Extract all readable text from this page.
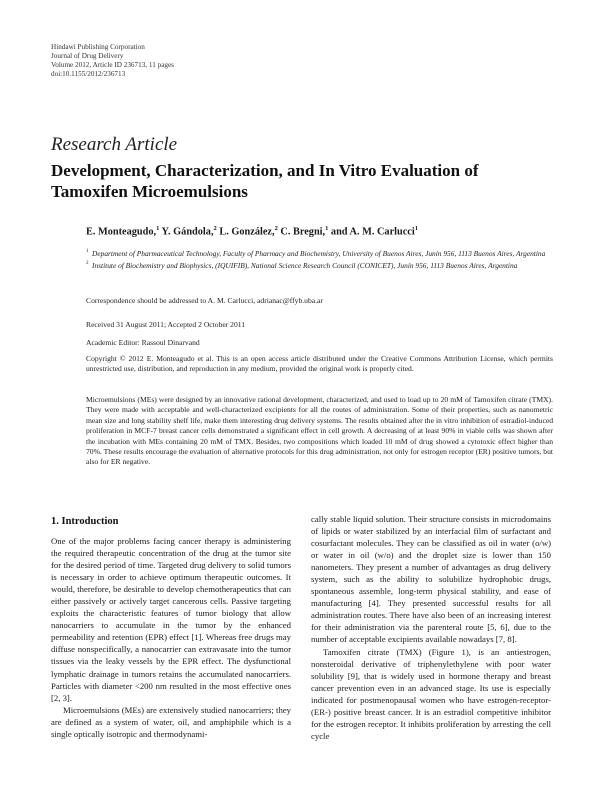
Hindawi Publishing Corporation
Journal of Drug Delivery
Volume 2012, Article ID 236713, 11 pages
doi:10.1155/2012/236713
Research Article
Development, Characterization, and In Vitro Evaluation of Tamoxifen Microemulsions
E. Monteagudo,$^1$ Y. Gándola,$^2$ L. González,$^2$ C. Bregni,$^1$ and A. M. Carlucci$^1$
1 Department of Pharmaceutical Technology, Faculty of Pharmacy and Biochemistry, University of Buenos Aires, Junín 956, 1113 Buenos Aires, Argentina
2 Institute of Biochemistry and Biophysics, (IQUIFIB), National Science Research Council (CONICET), Junín 956, 1113 Buenos Aires, Argentina
Correspondence should be addressed to A. M. Carlucci, adrianac@ffyb.uba.ar
Received 31 August 2011; Accepted 2 October 2011
Academic Editor: Rassoul Dinarvand
Copyright © 2012 E. Monteagudo et al. This is an open access article distributed under the Creative Commons Attribution License, which permits unrestricted use, distribution, and reproduction in any medium, provided the original work is properly cited.
Microemulsions (MEs) were designed by an innovative rational development, characterized, and used to load up to 20 mM of Tamoxifen citrate (TMX). They were made with acceptable and well-characterized excipients for all the routes of administration. Some of their properties, such as nanometric mean size and long stability shelf life, make them interesting drug delivery systems. The results obtained after the in vitro inhibition of estradiol-induced proliferation in MCF-7 breast cancer cells demonstrated a significant effect in cell growth. A decreasing of at least 90% in viable cells was shown after the incubation with MEs containing 20 mM of TMX. Besides, two compositions which loaded 10 mM of drug showed a cytotoxic effect higher than 70%. These results encourage the evaluation of alternative protocols for this drug administration, not only for estrogen receptor (ER) positive tumors, but also for ER negative.
1. Introduction

One of the major problems facing cancer therapy is administering the required therapeutic concentration of the drug at the tumor site for the desired period of time. Targeted drug delivery to solid tumors is necessary in order to achieve optimum therapeutic outcomes. It would, therefore, be desirable to develop chemotherapeutics that can either passively or actively target cancerous cells. Passive targeting exploits the characteristic features of tumor biology that allow nanocarriers to accumulate in the tumor by the enhanced permeability and retention (EPR) effect [1]. Whereas free drugs may diffuse nonspecifically, a nanocarrier can extravasate into the tumor tissues via the leaky vessels by the EPR effect. The dysfunctional lymphatic drainage in tumors retains the accumulated nanocarriers. Particles with diameter <200 nm resulted in the most effective ones [2, 3].

Microemulsions (MEs) are extensively studied nanocarriers; they are defined as a system of water, oil, and amphiphile which is a single optically isotropic and thermodynami-

cally stable liquid solution. Their structure consists in microdomains of lipids or water stabilized by an interfacial film of surfactant and cosurfactant molecules. They can be classified as oil in water (o/w) or water in oil (w/o) and the droplet size is lower than 150 nanometers. They present a number of advantages as drug delivery system, such as the ability to solubilize hydrophobic drugs, spontaneous assemble, long-term physical stability, and ease of manufacturing [4]. They presented successful results for all administration routes. There have also been of an increasing interest for their administration via the parenteral route [5, 6], due to the number of acceptable excipients available nowadays [7, 8].

Tamoxifen citrate (TMX) (Figure 1), is an antiestrogen, nonsteroidal derivative of triphenylethylene with poor water solubility [9], that is widely used in hormone therapy and breast cancer prevention even in an advanced stage. Its use is especially indicated for postmenopausal women who have estrogen-receptor- (ER-) positive breast cancer. It is an estradiol competitive inhibitor for the estrogen receptor. It inhibits proliferation by arresting the cell cycle
